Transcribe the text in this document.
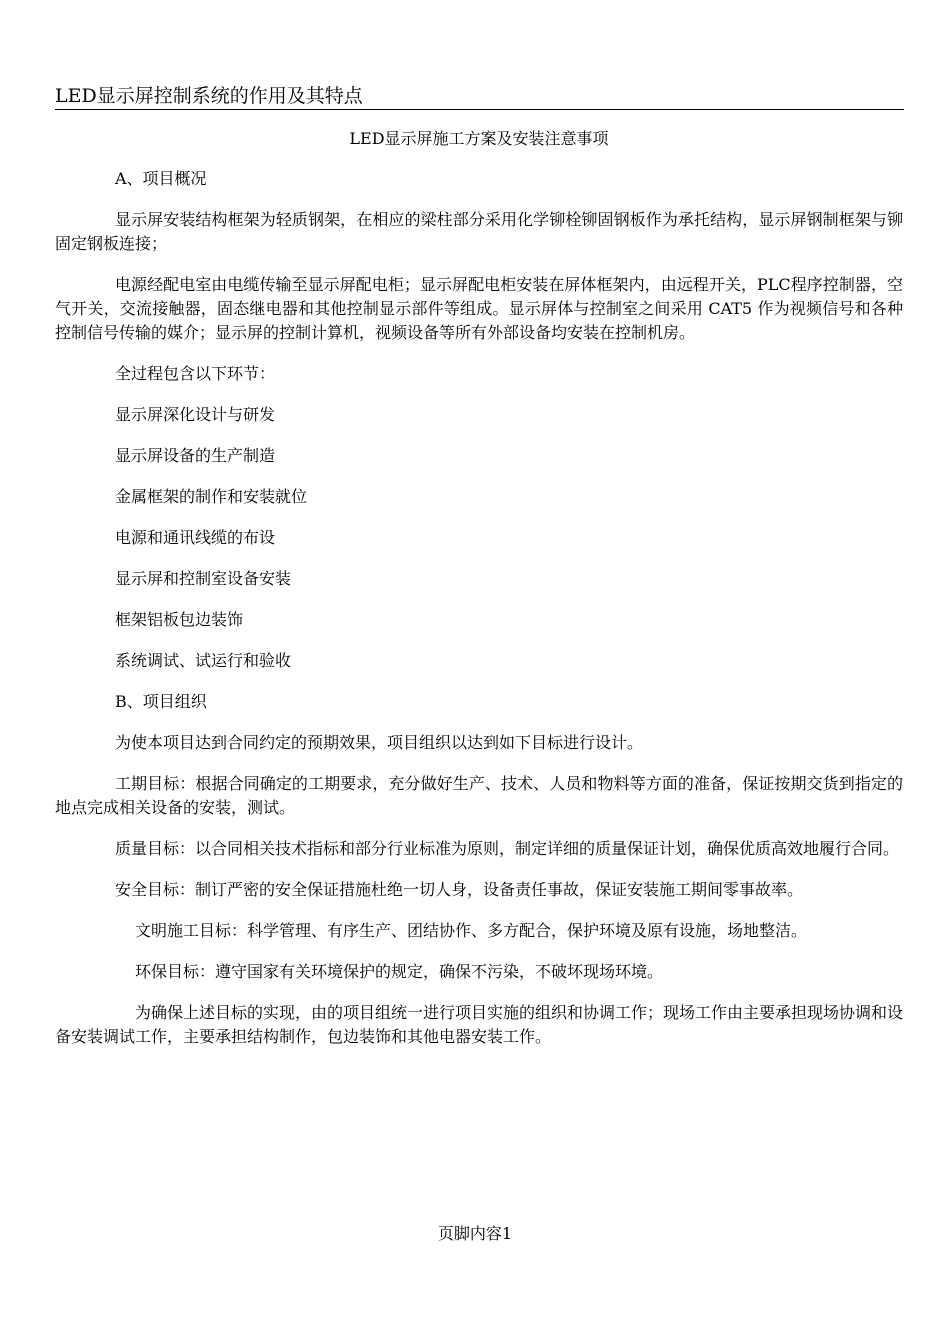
LED显示屏控制系统的作用及其特点

LED显示屏施工方案及安装注意事项

A、项目概况

显示屏安装结构框架为轻质钢架，在相应的梁柱部分采用化学铆栓铆固钢板作为承托结构，显示屏钢制框架与铆固定钢板连接；

电源经配电室由电缆传输至显示屏配电柜；显示屏配电柜安装在屏体框架内，由远程开关，PLC程序控制器，空气开关，交流接触器，固态继电器和其他控制显示部件等组成。显示屏体与控制室之间采用 CAT5 作为视频信号和各种控制信号传输的媒介；显示屏的控制计算机，视频设备等所有外部设备均安装在控制机房。

全过程包含以下环节：

显示屏深化设计与研发

显示屏设备的生产制造

金属框架的制作和安装就位

电源和通讯线缆的布设

显示屏和控制室设备安装

框架铝板包边装饰

系统调试、试运行和验收

B、项目组织

为使本项目达到合同约定的预期效果，项目组织以达到如下目标进行设计。

工期目标：根据合同确定的工期要求，充分做好生产、技术、人员和物料等方面的准备，保证按期交货到指定的地点完成相关设备的安装，测试。

质量目标：以合同相关技术指标和部分行业标准为原则，制定详细的质量保证计划，确保优质高效地履行合同。

安全目标：制订严密的安全保证措施杜绝一切人身，设备责任事故，保证安装施工期间零事故率。

文明施工目标：科学管理、有序生产、团结协作、多方配合，保护环境及原有设施，场地整洁。

环保目标：遵守国家有关环境保护的规定，确保不污染，不破坏现场环境。

为确保上述目标的实现，由的项目组统一进行项目实施的组织和协调工作；现场工作由主要承担现场协调和设备安装调试工作，主要承担结构制作，包边装饰和其他电器安装工作。

页脚内容1
